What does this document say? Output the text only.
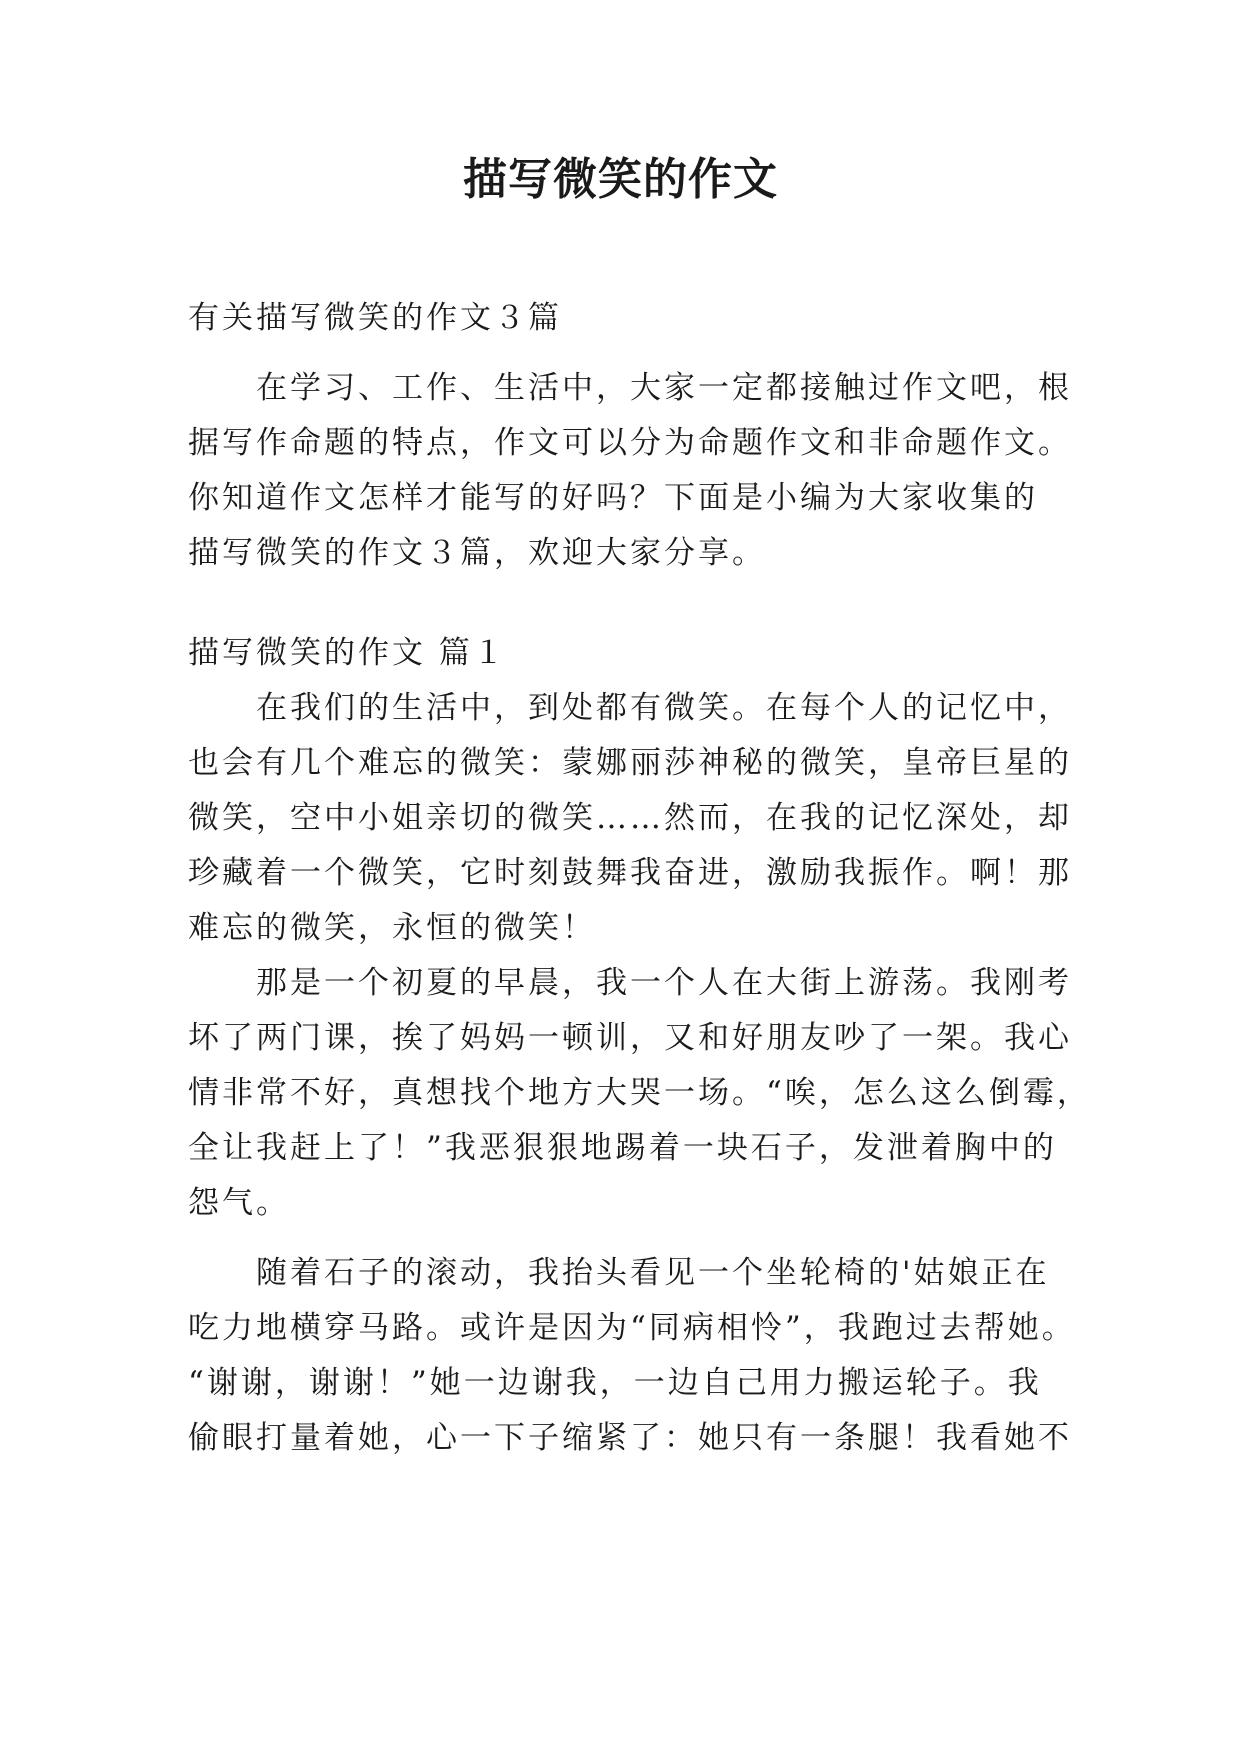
描写微笑的作文
有关描写微笑的作文３篇
在学习、工作、生活中，大家一定都接触过作文吧，根
据写作命题的特点，作文可以分为命题作文和非命题作文。
你知道作文怎样才能写的好吗？下面是小编为大家收集的
描写微笑的作文３篇，欢迎大家分享。
描写微笑的作文 篇１
在我们的生活中，到处都有微笑。在每个人的记忆中，
也会有几个难忘的微笑：蒙娜丽莎神秘的微笑，皇帝巨星的
微笑，空中小姐亲切的微笑……然而，在我的记忆深处，却
珍藏着一个微笑，它时刻鼓舞我奋进，激励我振作。啊！那
难忘的微笑，永恒的微笑！
那是一个初夏的早晨，我一个人在大街上游荡。我刚考
坏了两门课，挨了妈妈一顿训，又和好朋友吵了一架。我心
情非常不好，真想找个地方大哭一场。“唉，怎么这么倒霉，
全让我赶上了！”我恶狠狠地踢着一块石子，发泄着胸中的
怨气。
随着石子的滚动，我抬头看见一个坐轮椅的'姑娘正在
吃力地横穿马路。或许是因为“同病相怜”，我跑过去帮她。
“谢谢，谢谢！”她一边谢我，一边自己用力搬运轮子。我
偷眼打量着她，心一下子缩紧了：她只有一条腿！我看她不
